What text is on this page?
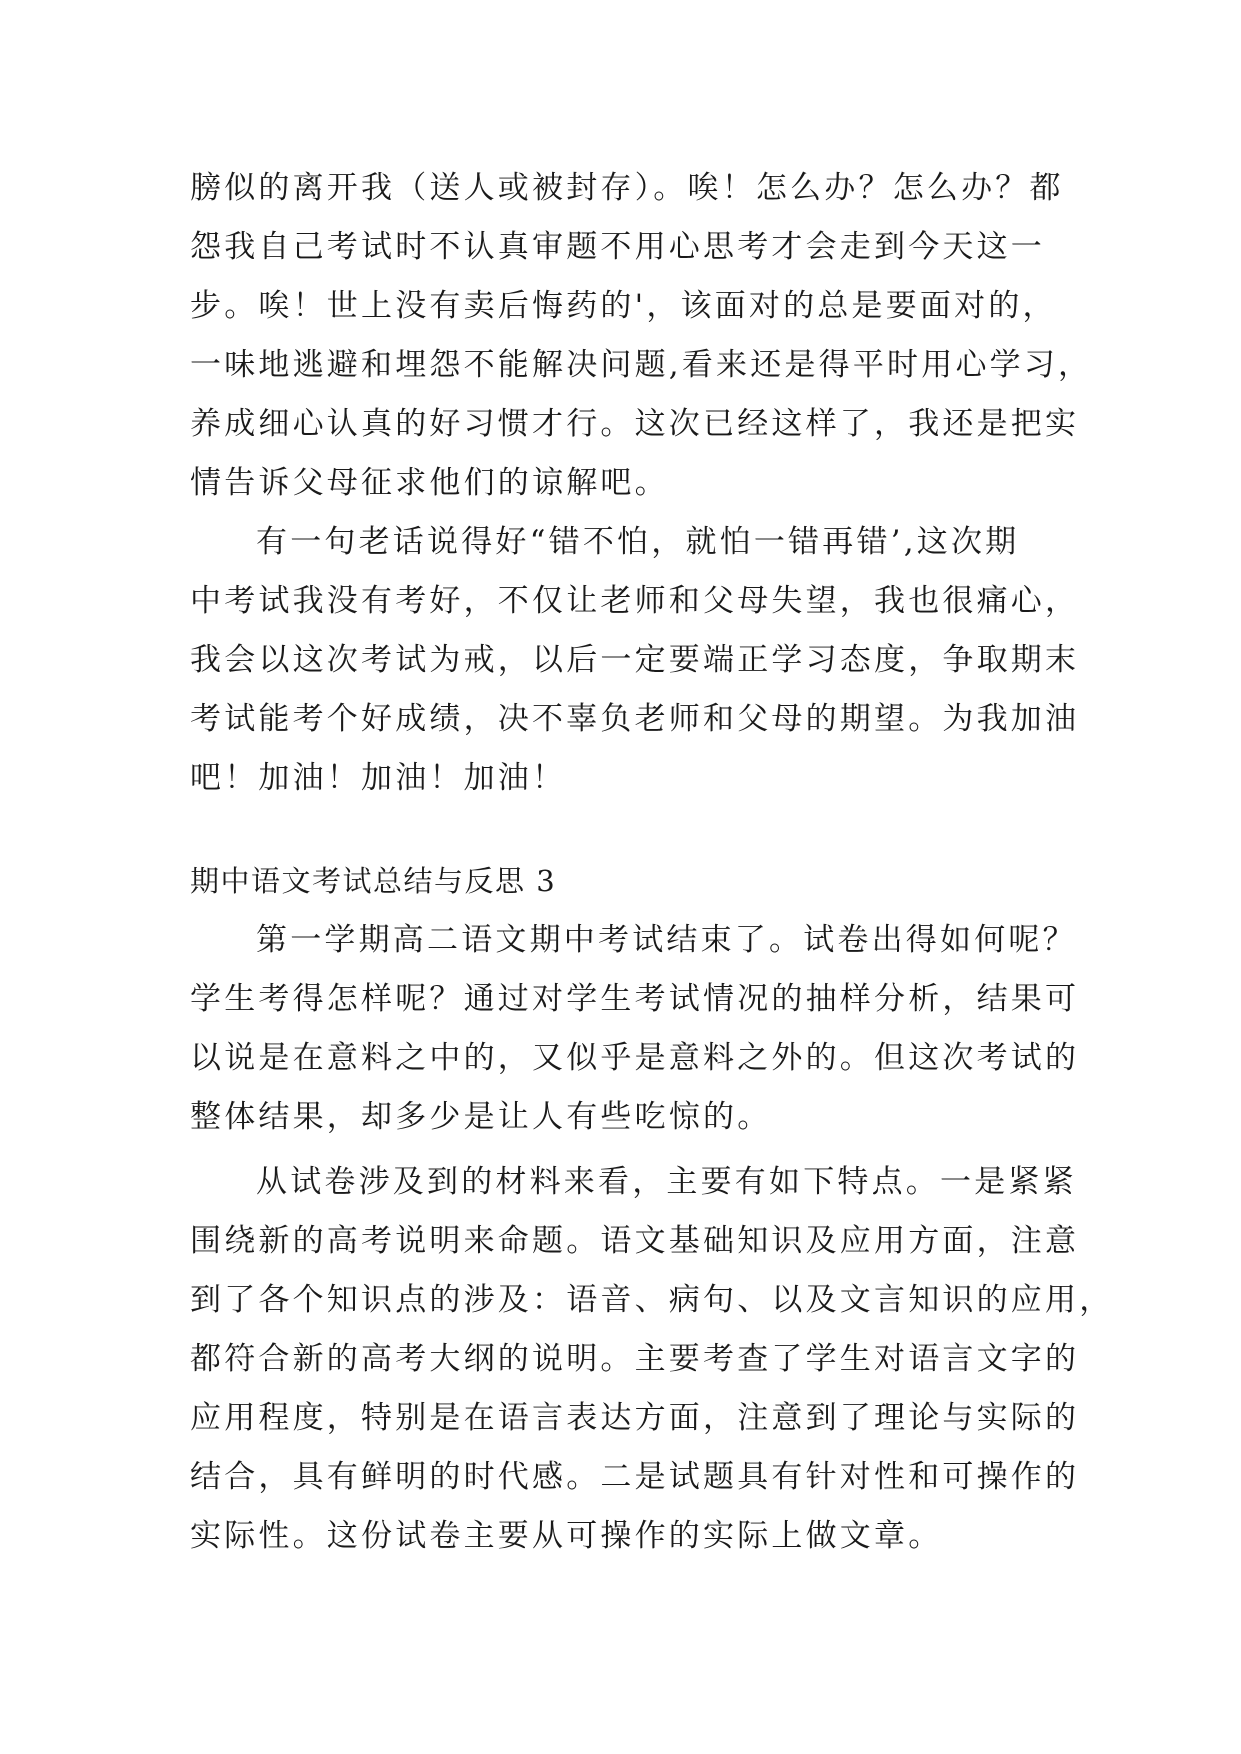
膀似的离开我（送人或被封存）。唉！怎么办？怎么办？都
怨我自己考试时不认真审题不用心思考才会走到今天这一
步。唉！世上没有卖后悔药的'，该面对的总是要面对的，
一味地逃避和埋怨不能解决问题,看来还是得平时用心学习，
养成细心认真的好习惯才行。这次已经这样了，我还是把实
情告诉父母征求他们的谅解吧。
有一句老话说得好“错不怕，就怕一错再错’,这次期
中考试我没有考好，不仅让老师和父母失望，我也很痛心，
我会以这次考试为戒，以后一定要端正学习态度，争取期末
考试能考个好成绩，决不辜负老师和父母的期望。为我加油
吧！加油！加油！加油！
期中语文考试总结与反思 3
第一学期高二语文期中考试结束了。试卷出得如何呢？
学生考得怎样呢？通过对学生考试情况的抽样分析，结果可
以说是在意料之中的，又似乎是意料之外的。但这次考试的
整体结果，却多少是让人有些吃惊的。
从试卷涉及到的材料来看，主要有如下特点。一是紧紧
围绕新的高考说明来命题。语文基础知识及应用方面，注意
到了各个知识点的涉及：语音、病句、以及文言知识的应用，
都符合新的高考大纲的说明。主要考查了学生对语言文字的
应用程度，特别是在语言表达方面，注意到了理论与实际的
结合，具有鲜明的时代感。二是试题具有针对性和可操作的
实际性。这份试卷主要从可操作的实际上做文章。
